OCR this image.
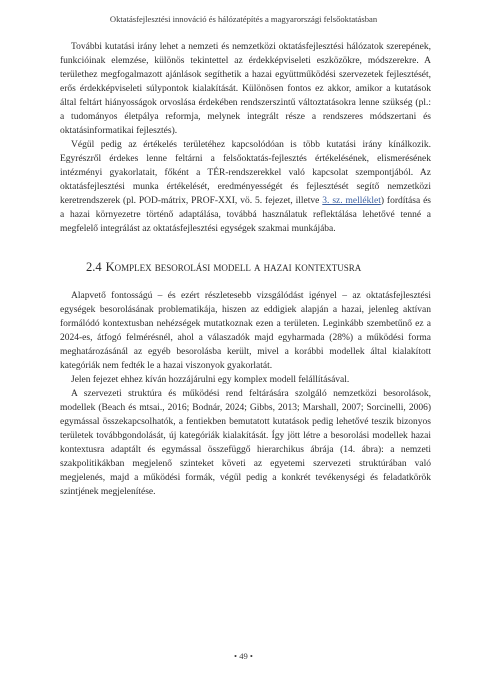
Oktatásfejlesztési innováció és hálózatépítés a magyarországi felsőoktatásban

További kutatási irány lehet a nemzeti és nemzetközi oktatásfejlesztési hálózatok szerepének, funkcióinak elemzése, különös tekintettel az érdekképviseleti eszközökre, módszerekre. A területhez megfogalmazott ajánlások segíthetik a hazai együttműködési szervezetek fejlesztését, erős érdekképviseleti súlypontok kialakítását. Különösen fontos ez akkor, amikor a kutatások által feltárt hiányosságok orvoslása érdekében rendszerszintű változtatásokra lenne szükség (pl.: a tudományos életpálya reformja, melynek integrált része a rendszeres módszertani és oktatásinformatikai fejlesztés).

Végül pedig az értékelés területéhez kapcsolódóan is több kutatási irány kínálkozik. Egyrészről érdekes lenne feltárni a felsőoktatás-fejlesztés értékelésének, elismerésének intézményi gyakorlatait, főként a TÉR-rendszerekkel való kapcsolat szempontjából. Az oktatásfejlesztési munka értékelését, eredményességét és fejlesztését segítő nemzetközi keretrendszerek (pl. POD-mátrix, PROF-XXI, vö. 5. fejezet, illetve 3. sz. melléklet) fordítása és a hazai környezetre történő adaptálása, továbbá használatuk reflektálása lehetővé tenné a megfelelő integrálást az oktatásfejlesztési egységek szakmai munkájába.

2.4 Komplex besorolási modell a hazai kontextusra

Alapvető fontosságú – és ezért részletesebb vizsgálódást igényel – az oktatásfejlesztési egységek besorolásának problematikája, hiszen az eddigiek alapján a hazai, jelenleg aktívan formálódó kontextusban nehézségek mutatkoznak ezen a területen. Leginkább szembetűnő ez a 2024-es, átfogó felmérésnél, ahol a válaszadók majd egyharmada (28%) a működési forma meghatározásánál az egyéb besorolásba került, mivel a korábbi modellek által kialakított kategóriák nem fedték le a hazai viszonyok gyakorlatát.

Jelen fejezet ehhez kíván hozzájárulni egy komplex modell felállításával.

A szervezeti struktúra és működési rend feltárására szolgáló nemzetközi besorolások, modellek (Beach és mtsai., 2016; Bodnár, 2024; Gibbs, 2013; Marshall, 2007; Sorcinelli, 2006) egymással összekapcsolhatók, a fentiekben bemutatott kutatások pedig lehetővé teszik bizonyos területek továbbgondolását, új kategóriák kialakítását. Így jött létre a besorolási modellek hazai kontextusra adaptált és egymással összefüggő hierarchikus ábrája (14. ábra): a nemzeti szakpolitikákban megjelenő szinteket követi az egyetemi szervezeti struktúrában való megjelenés, majd a működési formák, végül pedig a konkrét tevékenységi és feladatkörök szintjének megjelenítése.

• 49 •
